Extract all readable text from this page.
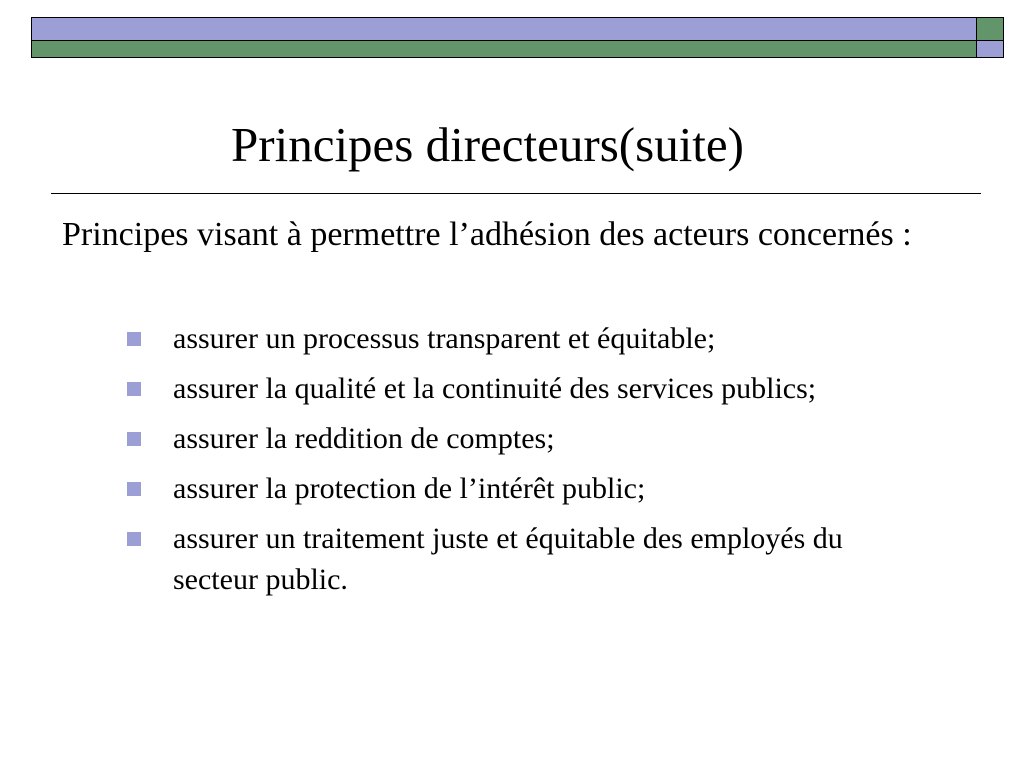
Principes directeurs(suite)

Principes visant à permettre l’adhésion des acteurs concernés :

assurer un processus transparent et équitable;
assurer la qualité et la continuité des services publics;
assurer la reddition de comptes;
assurer la protection de l’intérêt public;
assurer un traitement juste et équitable des employés du secteur public.
